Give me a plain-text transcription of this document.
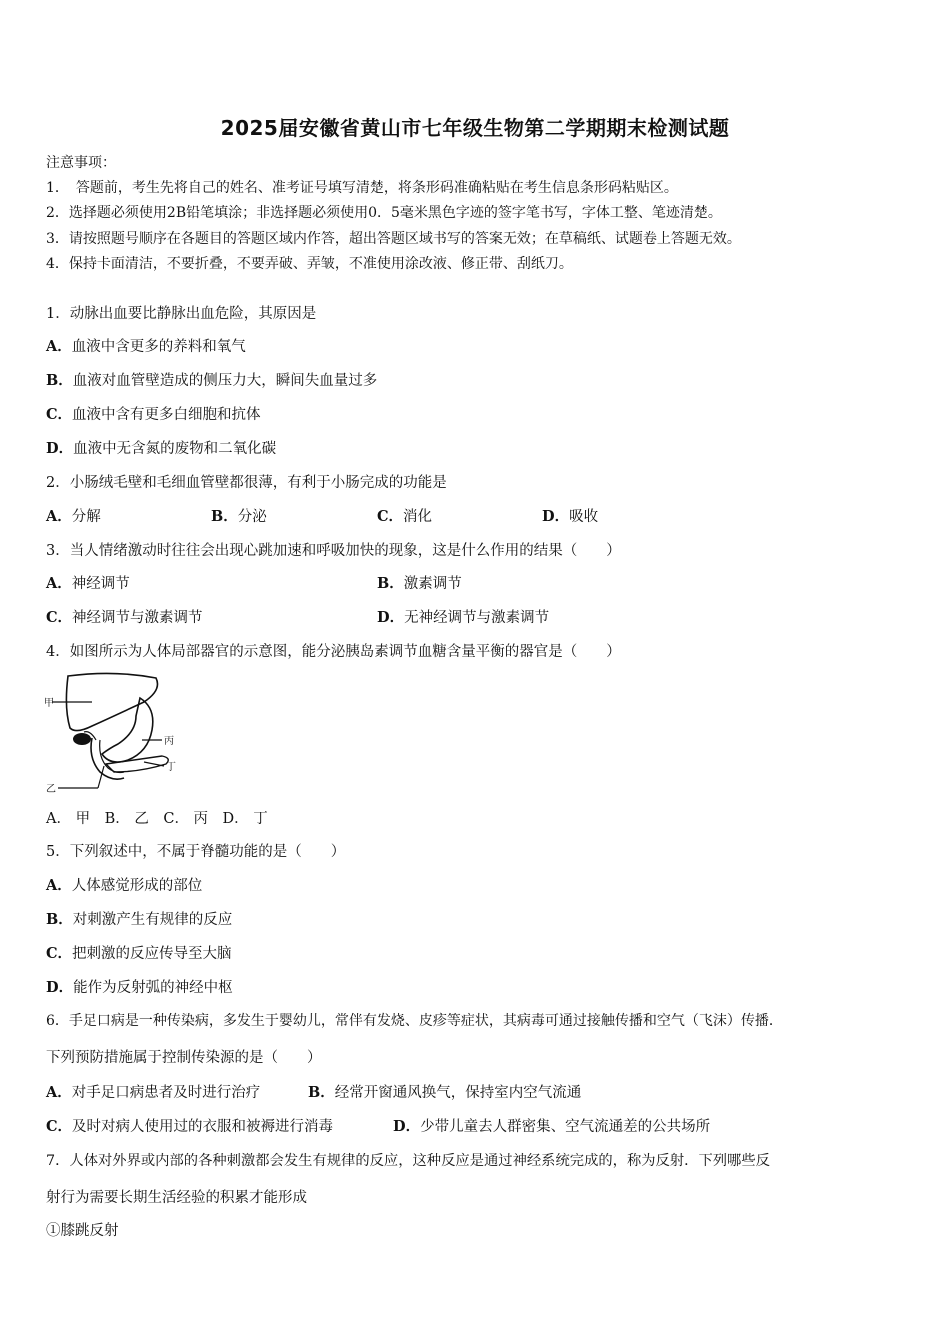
2025届安徽省黄山市七年级生物第二学期期末检测试题
注意事项：
1．　答题前，考生先将自己的姓名、准考证号填写清楚，将条形码准确粘贴在考生信息条形码粘贴区。
2．选择题必须使用2B铅笔填涂；非选择题必须使用0．5毫米黑色字迹的签字笔书写，字体工整、笔迹清楚。
3．请按照题号顺序在各题目的答题区域内作答，超出答题区域书写的答案无效；在草稿纸、试题卷上答题无效。
4．保持卡面清洁，不要折叠，不要弄破、弄皱，不准使用涂改液、修正带、刮纸刀。
1．动脉出血要比静脉出血危险，其原因是
A．血液中含更多的养料和氧气
B．血液对血管壁造成的侧压力大，瞬间失血量过多
C．血液中含有更多白细胞和抗体
D．血液中无含氮的废物和二氧化碳
2．小肠绒毛壁和毛细血管壁都很薄，有利于小肠完成的功能是
A．分解	B．分泌	C．消化	D．吸收
3．当人情绪激动时往往会出现心跳加速和呼吸加快的现象，这是什么作用的结果（　　）
A．神经调节	B．激素调节
C．神经调节与激素调节	D．无神经调节与激素调节
4．如图所示为人体局部器官的示意图，能分泌胰岛素调节血糖含量平衡的器官是（　　）
甲
乙
丙
丁
A． 甲　B． 乙　C． 丙　D． 丁
5．下列叙述中，不属于脊髓功能的是（　　）
A．人体感觉形成的部位
B．对刺激产生有规律的反应
C．把刺激的反应传导至大脑
D．能作为反射弧的神经中枢
6．手足口病是一种传染病，多发生于婴幼儿，常伴有发烧、皮疹等症状，其病毒可通过接触传播和空气（飞沫）传播．
下列预防措施属于控制传染源的是（　　）
A．对手足口病患者及时进行治疗	B．经常开窗通风换气，保持室内空气流通
C．及时对病人使用过的衣服和被褥进行消毒	D．少带儿童去人群密集、空气流通差的公共场所
7．人体对外界或内部的各种刺激都会发生有规律的反应，这种反应是通过神经系统完成的，称为反射．下列哪些反
射行为需要长期生活经验的积累才能形成
①膝跳反射
